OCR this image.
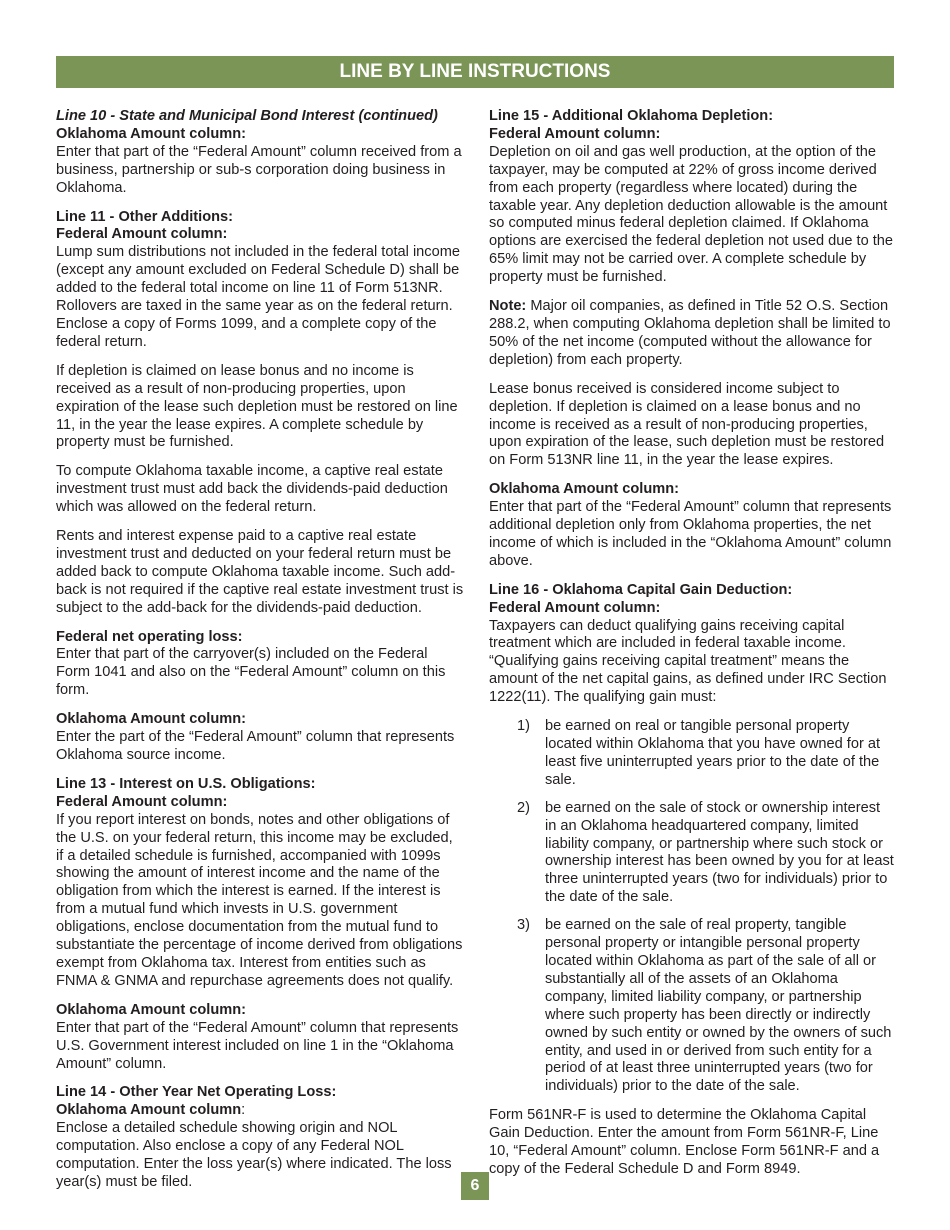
LINE BY LINE INSTRUCTIONS
Line 10 - State and Municipal Bond Interest (continued)
Oklahoma Amount column:

Enter that part of the “Federal Amount” column received from a business, partnership or sub-s corporation doing business in Oklahoma.

Line 11 - Other Additions:
Federal Amount column:

Lump sum distributions not included in the federal total income (except any amount excluded on Federal Schedule D) shall be added to the federal total income on line 11 of Form 513NR. Rollovers are taxed in the same year as on the federal return. Enclose a copy of Forms 1099, and a complete copy of the federal return.

If depletion is claimed on lease bonus and no income is received as a result of non-producing properties, upon expiration of the lease such depletion must be restored on line 11, in the year the lease expires. A complete schedule by property must be furnished.

To compute Oklahoma taxable income, a captive real estate investment trust must add back the dividends-paid deduction which was allowed on the federal return.

Rents and interest expense paid to a captive real estate investment trust and deducted on your federal return must be added back to compute Oklahoma taxable income. Such add-back is not required if the captive real estate investment trust is subject to the add-back for the dividends-paid deduction.

Federal net operating loss:

Enter that part of the carryover(s) included on the Federal Form 1041 and also on the “Federal Amount” column on this form.

Oklahoma Amount column:

Enter the part of the “Federal Amount” column that represents Oklahoma source income.

Line 13 - Interest on U.S. Obligations:
Federal Amount column:

If you report interest on bonds, notes and other obligations of the U.S. on your federal return, this income may be excluded, if a detailed schedule is furnished, accompanied with 1099s showing the amount of interest income and the name of the obligation from which the interest is earned. If the interest is from a mutual fund which invests in U.S. government obligations, enclose documentation from the mutual fund to substantiate the percentage of income derived from obligations exempt from Oklahoma tax. Interest from entities such as FNMA & GNMA and repurchase agreements does not qualify.

Oklahoma Amount column:

Enter that part of the “Federal Amount” column that represents U.S. Government interest included on line 1 in the “Oklahoma Amount” column.

Line 14 - Other Year Net Operating Loss:
Oklahoma Amount column:

Enclose a detailed schedule showing origin and NOL computation. Also enclose a copy of any Federal NOL computation. Enter the loss year(s) where indicated. The loss year(s) must be filed.

Line 15 - Additional Oklahoma Depletion:
Federal Amount column:

Depletion on oil and gas well production, at the option of the taxpayer, may be computed at 22% of gross income derived from each property (regardless where located) during the taxable year. Any depletion deduction allowable is the amount so computed minus federal depletion claimed. If Oklahoma options are exercised the federal depletion not used due to the 65% limit may not be carried over. A complete schedule by property must be furnished.

Note: Major oil companies, as defined in Title 52 O.S. Section 288.2, when computing Oklahoma depletion shall be limited to 50% of the net income (computed without the allowance for depletion) from each property.

Lease bonus received is considered income subject to depletion. If depletion is claimed on a lease bonus and no income is received as a result of non-producing properties, upon expiration of the lease, such depletion must be restored on Form 513NR line 11, in the year the lease expires.

Oklahoma Amount column:

Enter that part of the “Federal Amount” column that represents additional depletion only from Oklahoma properties, the net income of which is included in the “Oklahoma Amount” column above.

Line 16 - Oklahoma Capital Gain Deduction:
Federal Amount column:

Taxpayers can deduct qualifying gains receiving capital treatment which are included in federal taxable income. “Qualifying gains receiving capital treatment” means the amount of the net capital gains, as defined under IRC Section 1222(11). The qualifying gain must:

1) be earned on real or tangible personal property located within Oklahoma that you have owned for at least five uninterrupted years prior to the date of the sale.
2) be earned on the sale of stock or ownership interest in an Oklahoma headquartered company, limited liability company, or partnership where such stock or ownership interest has been owned by you for at least three uninterrupted years (two for individuals) prior to the date of the sale.
3) be earned on the sale of real property, tangible personal property or intangible personal property located within Oklahoma as part of the sale of all or substantially all of the assets of an Oklahoma company, limited liability company, or partnership where such property has been directly or indirectly owned by such entity or owned by the owners of such entity, and used in or derived from such entity for a period of at least three uninterrupted years (two for individuals) prior to the date of the sale.

Form 561NR-F is used to determine the Oklahoma Capital Gain Deduction. Enter the amount from Form 561NR-F, Line 10, “Federal Amount” column. Enclose Form 561NR-F and a copy of the Federal Schedule D and Form 8949.

6
